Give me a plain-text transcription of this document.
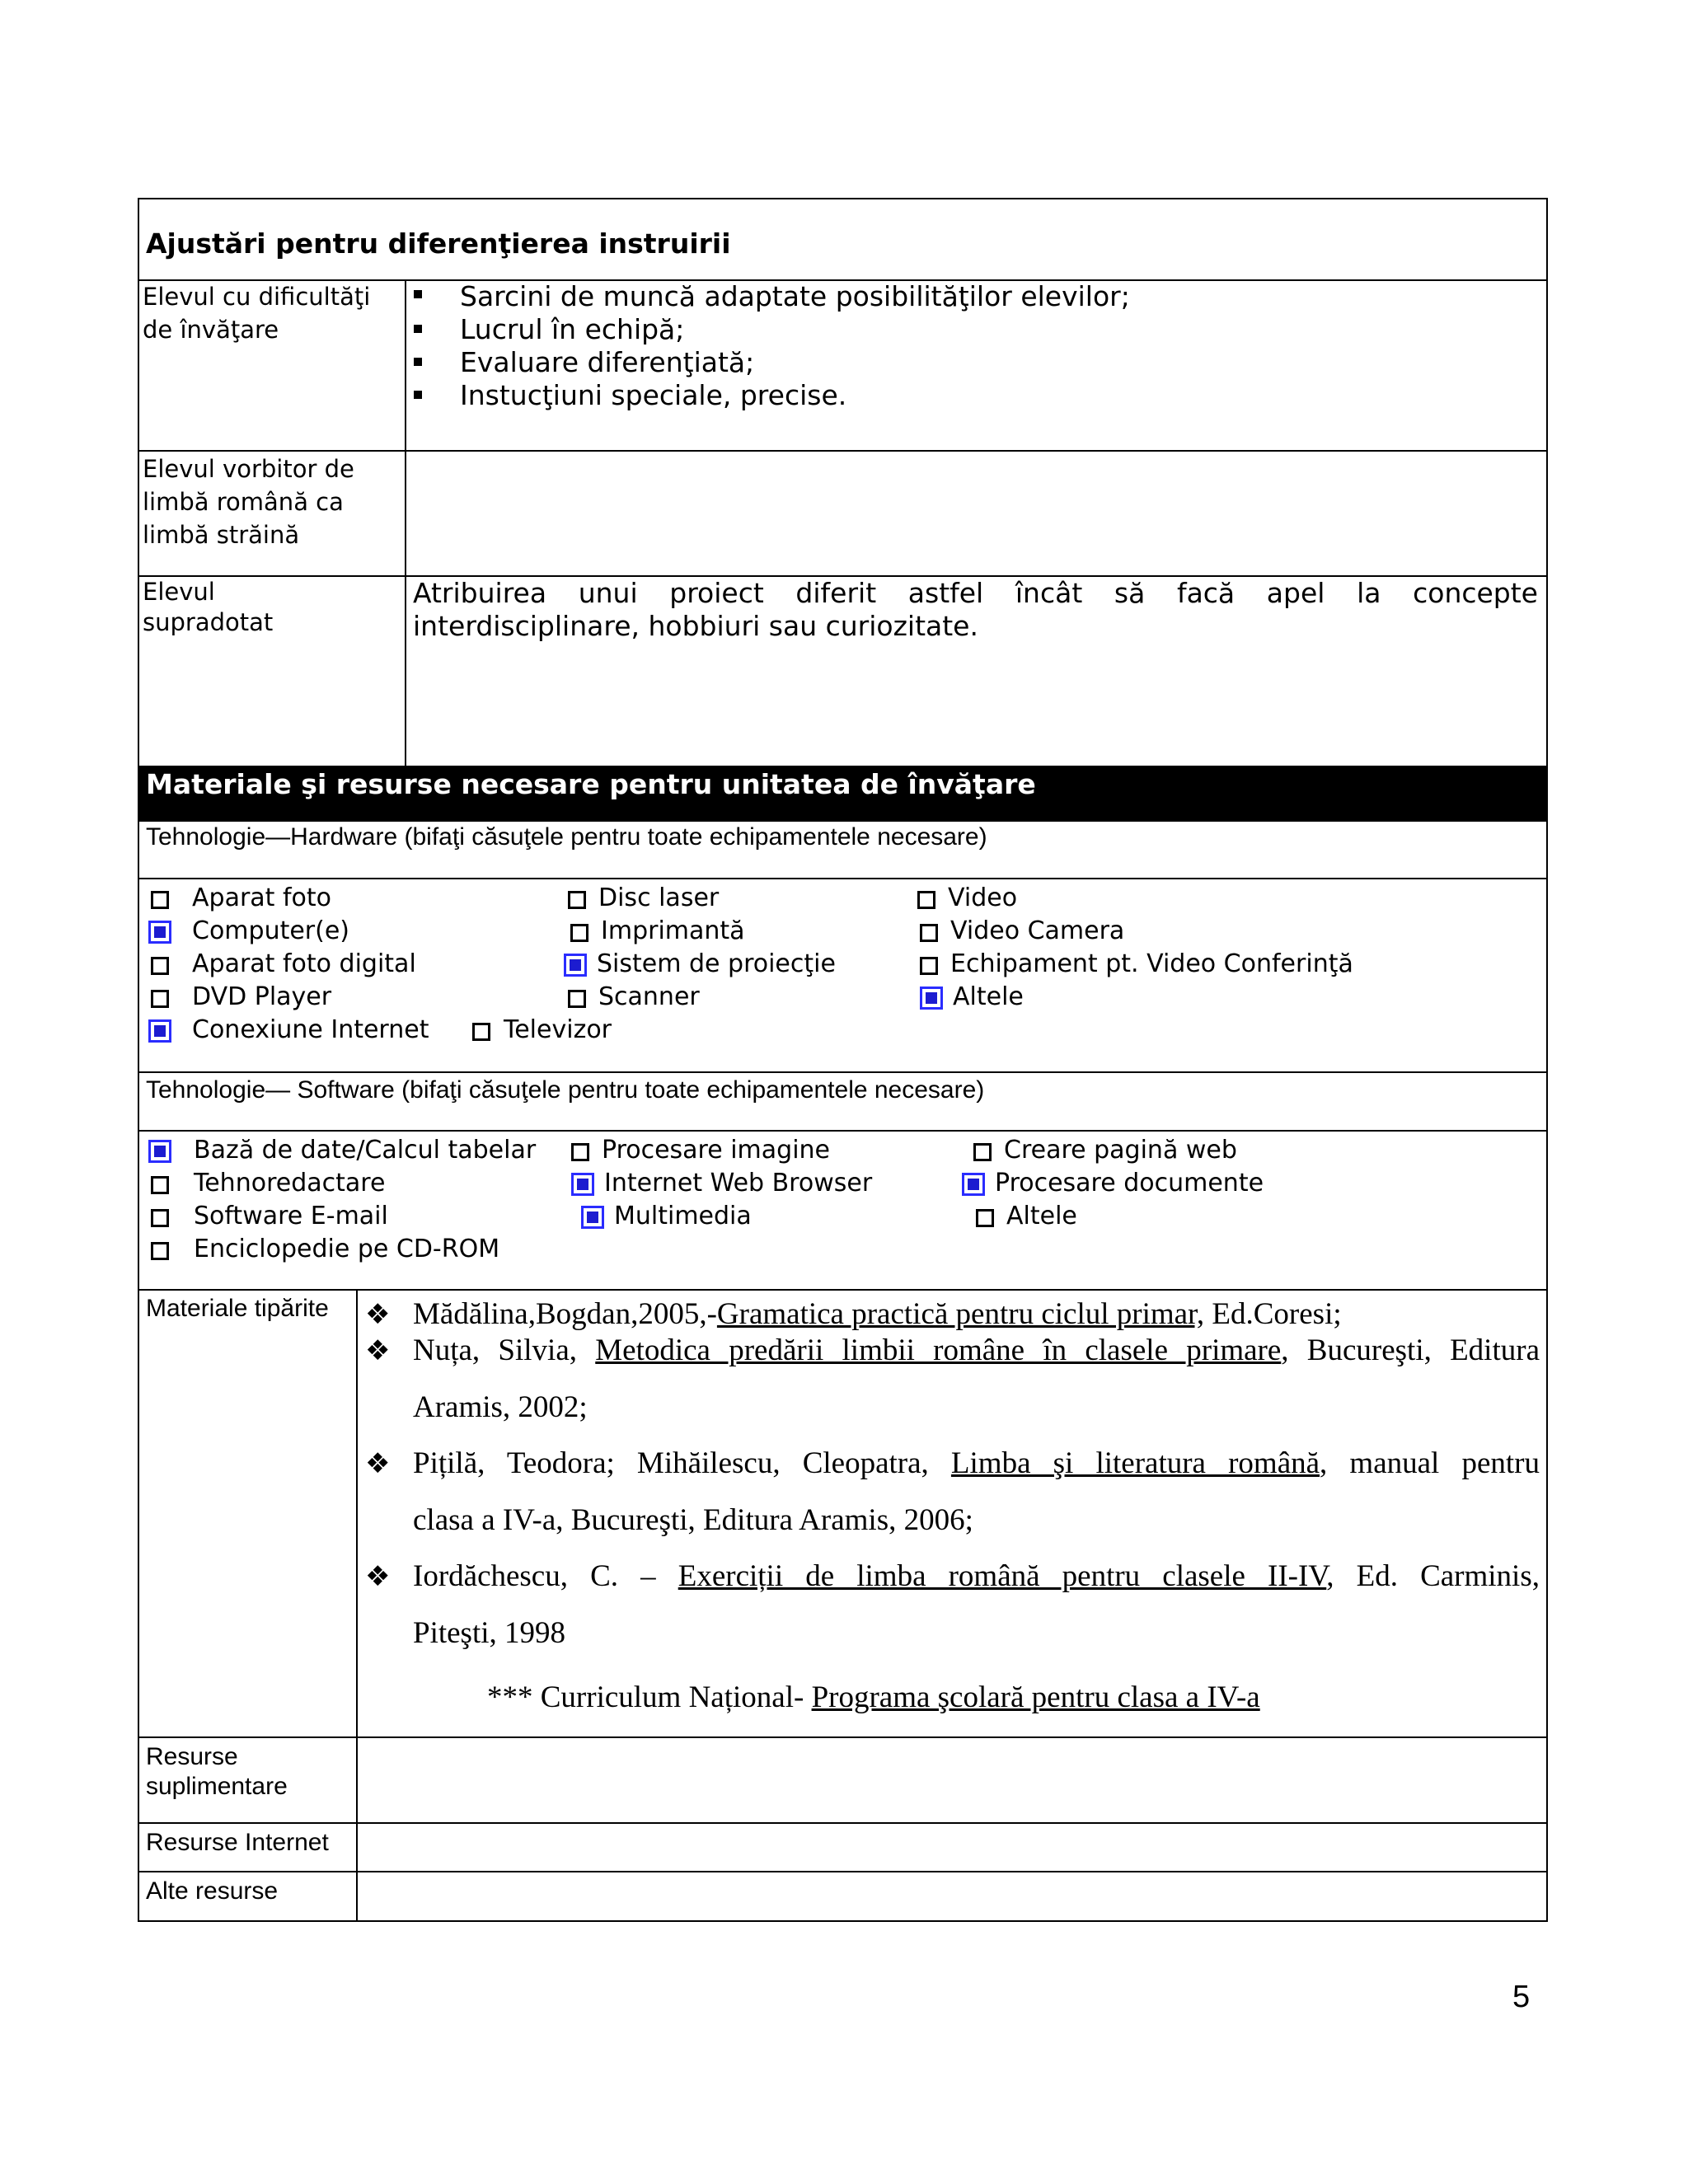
Ajustări pentru diferenţierea instruirii
Elevul cu dificultăţi
de învăţare
Sarcini de muncă adaptate posibilităţilor elevilor;
Lucrul în echipă;
Evaluare diferenţiată;
Instucţiuni speciale, precise.
Elevul vorbitor de
limbă română ca
limbă străină
Elevul
supradotat
Atribuirea unui proiect diferit astfel încât să facă apel la concepte
interdisciplinare, hobbiuri sau curiozitate.
Materiale şi resurse necesare pentru unitatea de învăţare
Tehnologie—Hardware (bifaţi căsuţele pentru toate echipamentele necesare)
Aparat foto
Computer(e)
Aparat foto digital
DVD Player
Conexiune Internet	Televizor
Disc laser
Imprimantă
Sistem de proiecţie
Scanner
Video
Video Camera
Echipament pt. Video Conferinţă
Altele
Tehnologie— Software (bifaţi căsuţele pentru toate echipamentele necesare)
Bază de date/Calcul tabelar
Tehnoredactare
Software E-mail
Enciclopedie pe CD-ROM
Procesare imagine
Internet Web Browser
Multimedia
Creare pagină web
Procesare documente
Altele
Materiale tipărite ❖ Mădălina,Bogdan,2005,-Gramatica practică pentru ciclul primar, Ed.Coresi;
❖ Nuța, Silvia, Metodica predării limbii române în clasele primare, Bucureşti, Editura
Aramis, 2002;
❖ Pițilă, Teodora; Mihăilescu, Cleopatra, Limba şi literatura română, manual pentru
clasa a IV-a, Bucureşti, Editura Aramis, 2006;
❖ Iordăchescu, C. – Exerciții de limba română pentru clasele II-IV, Ed. Carminis,
Piteşti, 1998
*** Curriculum Național- Programa şcolară pentru clasa a IV-a
Resurse
suplimentare
Resurse Internet
Alte resurse
5
